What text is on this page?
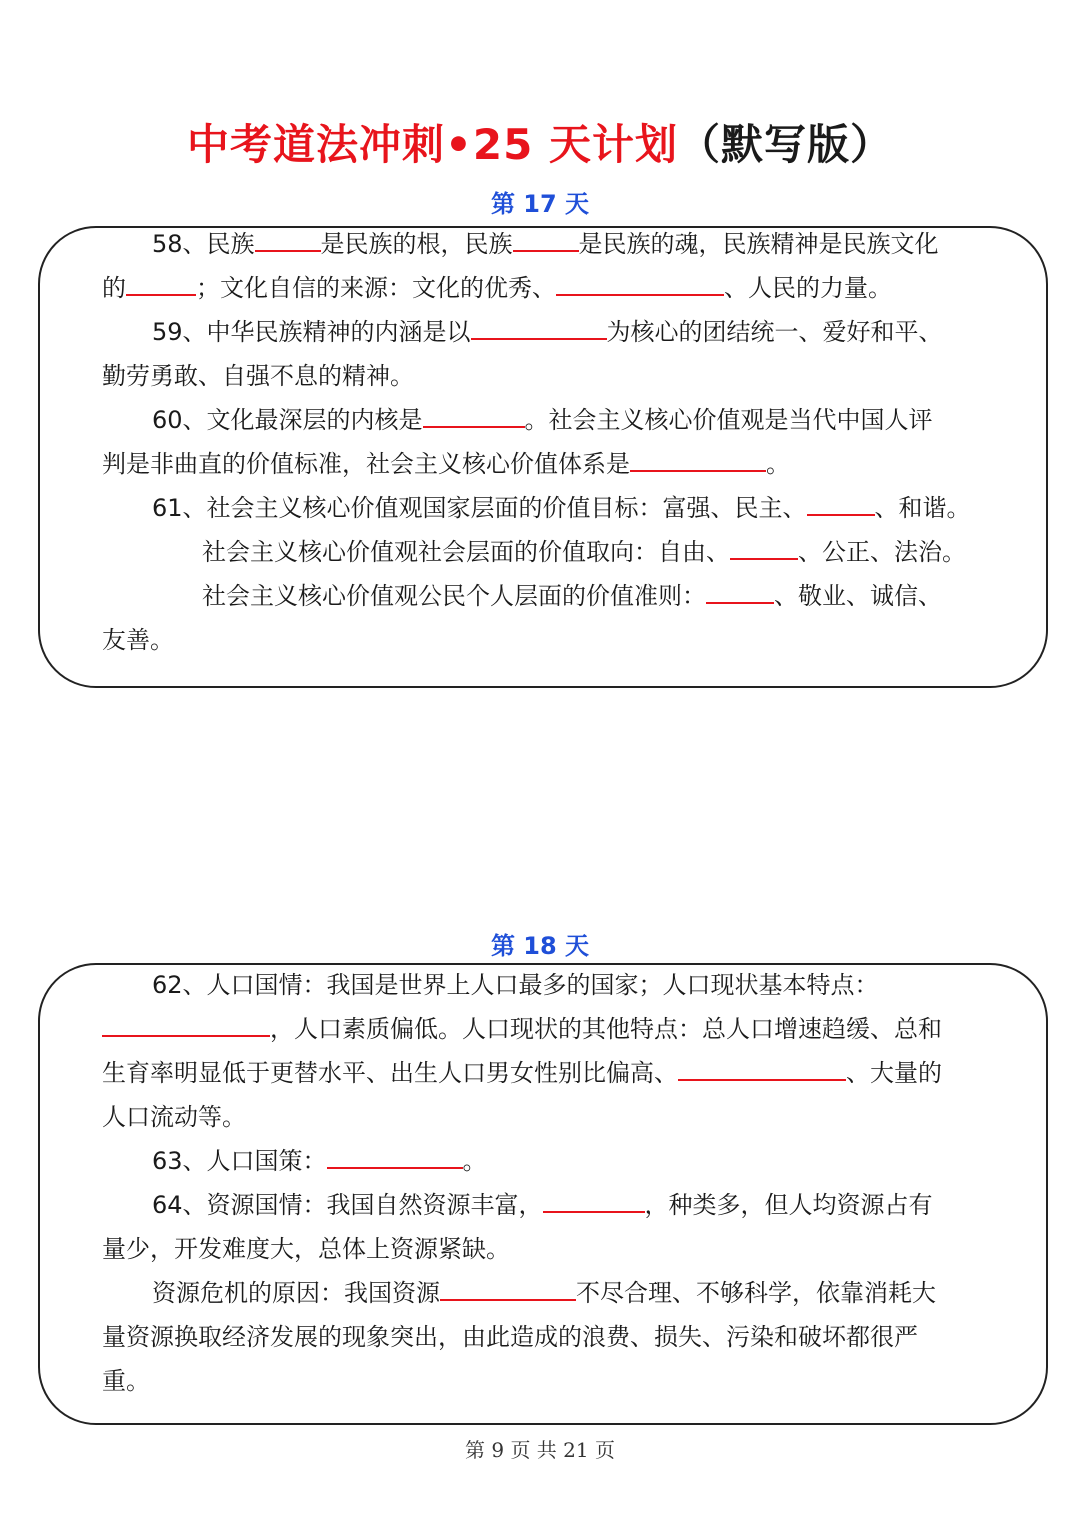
中考道法冲刺•25 天计划（默写版）
第 17 天

58、民族	是民族的根，民族	是民族的魂，民族精神是民族文化

的	；文化自信的来源：文化的优秀、	、人民的力量。

59、中华民族精神的内涵是以	为核心的团结统一、爱好和平、

勤劳勇敢、自强不息的精神。

60、文化最深层的内核是	。社会主义核心价值观是当代中国人评

判是非曲直的价值标准，社会主义核心价值体系是	。

61、社会主义核心价值观国家层面的价值目标：富强、民主、	、和谐。

社会主义核心价值观社会层面的价值取向：自由、	、公正、法治。

社会主义核心价值观公民个人层面的价值准则：	、敬业、诚信、

友善。

第 18 天

62、人口国情：我国是世界上人口最多的国家；人口现状基本特点：

，人口素质偏低。人口现状的其他特点：总人口增速趋缓、总和

生育率明显低于更替水平、出生人口男女性别比偏高、	、大量的

人口流动等。

63、人口国策：	。

64、资源国情：我国自然资源丰富，	，种类多，但人均资源占有

量少，开发难度大，总体上资源紧缺。

资源危机的原因：我国资源	不尽合理、不够科学，依靠消耗大

量资源换取经济发展的现象突出，由此造成的浪费、损失、污染和破坏都很严

重。

第 9 页 共 21 页
